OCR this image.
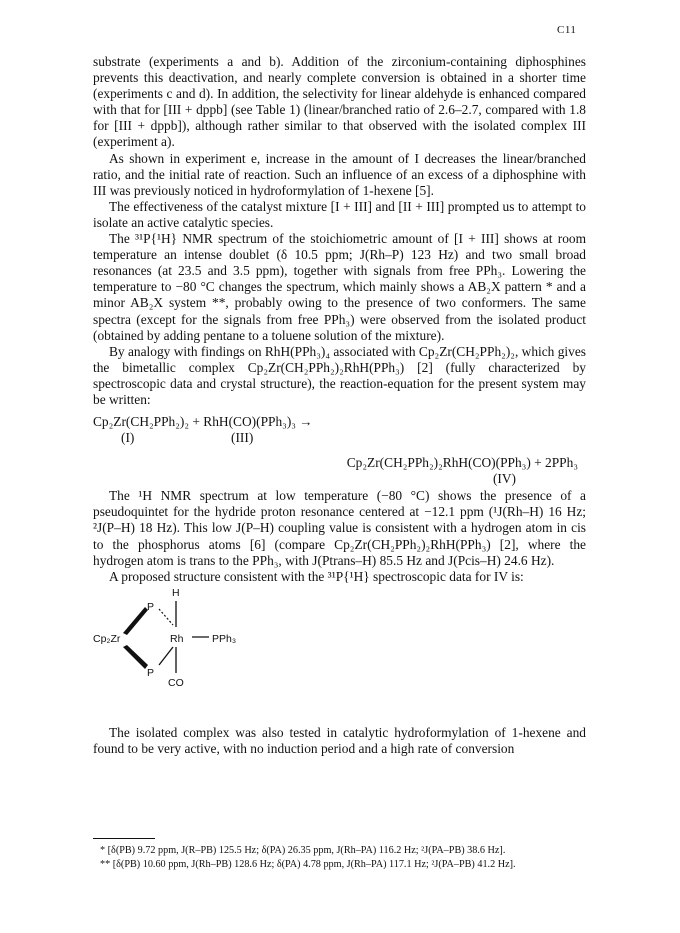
C11

substrate (experiments a and b). Addition of the zirconium-containing diphosphines prevents this deactivation, and nearly complete conversion is obtained in a shorter time (experiments c and d). In addition, the selectivity for linear aldehyde is enhanced compared with that for [III + dppb] (see Table 1) (linear/branched ratio of 2.6–2.7, compared with 1.8 for [III + dppb]), although rather similar to that observed with the isolated complex III (experiment a).

As shown in experiment e, increase in the amount of I decreases the linear/branched ratio, and the initial rate of reaction. Such an influence of an excess of a diphosphine with III was previously noticed in hydroformylation of 1-hexene [5].

The effectiveness of the catalyst mixture [I + III] and [II + III] prompted us to attempt to isolate an active catalytic species.

The ³¹P{¹H} NMR spectrum of the stoichiometric amount of [I + III] shows at room temperature an intense doublet (δ 10.5 ppm; J(Rh–P) 123 Hz) and two small broad resonances (at 23.5 and 3.5 ppm), together with signals from free PPh₃. Lowering the temperature to −80 °C changes the spectrum, which mainly shows a AB₂X pattern * and a minor AB₂X system **, probably owing to the presence of two conformers. The same spectra (except for the signals from free PPh₃) were observed from the isolated product (obtained by adding pentane to a toluene solution of the mixture).

By analogy with findings on RhH(PPh₃)₄ associated with Cp₂Zr(CH₂PPh₂)₂, which gives the bimetallic complex Cp₂Zr(CH₂PPh₂)₂RhH(PPh₃) [2] (fully characterized by spectroscopic data and crystal structure), the reaction-equation for the present system may be written:

Cp₂Zr(CH₂PPh₂)₂ + RhH(CO)(PPh₃)₃ →
(I)	(III)
Cp₂Zr(CH₂PPh₂)₂RhH(CO)(PPh₃) + 2PPh₃
(IV)

The ¹H NMR spectrum at low temperature (−80 °C) shows the presence of a pseudoquintet for the hydride proton resonance centered at −12.1 ppm (¹J(Rh–H) 16 Hz; ²J(P–H) 18 Hz). This low J(P–H) coupling value is consistent with a hydrogen atom in cis to the phosphorus atoms [6] (compare Cp₂Zr(CH₂PPh₂)₂RhH(PPh₃) [2], where the hydrogen atom is trans to the PPh₃, with J(Ptrans–H) 85.5 Hz and J(Pcis–H) 24.6 Hz).

A proposed structure consistent with the ³¹P{¹H} spectroscopic data for IV is:

H
P
P
Cp₂Zr	Rh	PPh₃
CO

The isolated complex was also tested in catalytic hydroformylation of 1-hexene and found to be very active, with no induction period and a high rate of conversion

* [δ(PB) 9.72 ppm, J(R–PB) 125.5 Hz; δ(PA) 26.35 ppm, J(Rh–PA) 116.2 Hz; ²J(PA–PB) 38.6 Hz].

** [δ(PB) 10.60 ppm, J(Rh–PB) 128.6 Hz; δ(PA) 4.78 ppm, J(Rh–PA) 117.1 Hz; ²J(PA–PB) 41.2 Hz].
